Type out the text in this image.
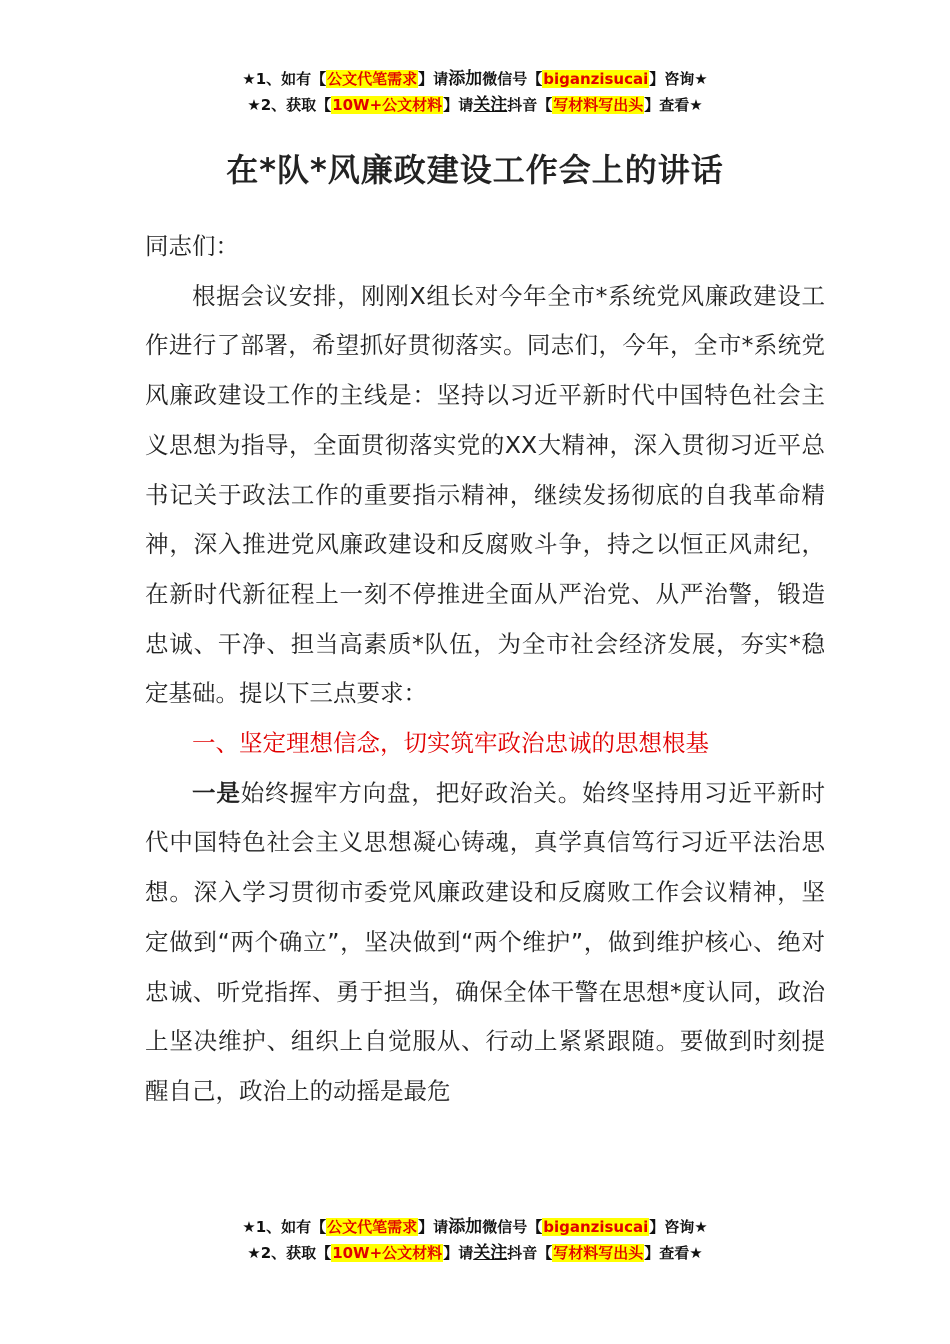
★1、如有【公文代笔需求】请添加微信号【biganzisucai】咨询★
★2、获取【10W+公文材料】请关注抖音【写材料写出头】查看★
在*队*风廉政建设工作会上的讲话

同志们：

根据会议安排，刚刚X组长对今年全市*系统党风廉政建设工作进行了部署，希望抓好贯彻落实。同志们，今年，全市*系统党风廉政建设工作的主线是：坚持以习近平新时代中国特色社会主义思想为指导，全面贯彻落实党的XX大精神，深入贯彻习近平总书记关于政法工作的重要指示精神，继续发扬彻底的自我革命精神，深入推进党风廉政建设和反腐败斗争，持之以恒正风肃纪，在新时代新征程上一刻不停推进全面从严治党、从严治警，锻造忠诚、干净、担当高素质*队伍，为全市社会经济发展，夯实*稳定基础。提以下三点要求：

一、坚定理想信念，切实筑牢政治忠诚的思想根基

一是始终握牢方向盘，把好政治关。始终坚持用习近平新时代中国特色社会主义思想凝心铸魂，真学真信笃行习近平法治思想。深入学习贯彻市委党风廉政建设和反腐败工作会议精神，坚定做到“两个确立”，坚决做到“两个维护”，做到维护核心、绝对忠诚、听党指挥、勇于担当，确保全体干警在思想*度认同，政治上坚决维护、组织上自觉服从、行动上紧紧跟随。要做到时刻提醒自己，政治上的动摇是最危

★1、如有【公文代笔需求】请添加微信号【biganzisucai】咨询★
★2、获取【10W+公文材料】请关注抖音【写材料写出头】查看★
